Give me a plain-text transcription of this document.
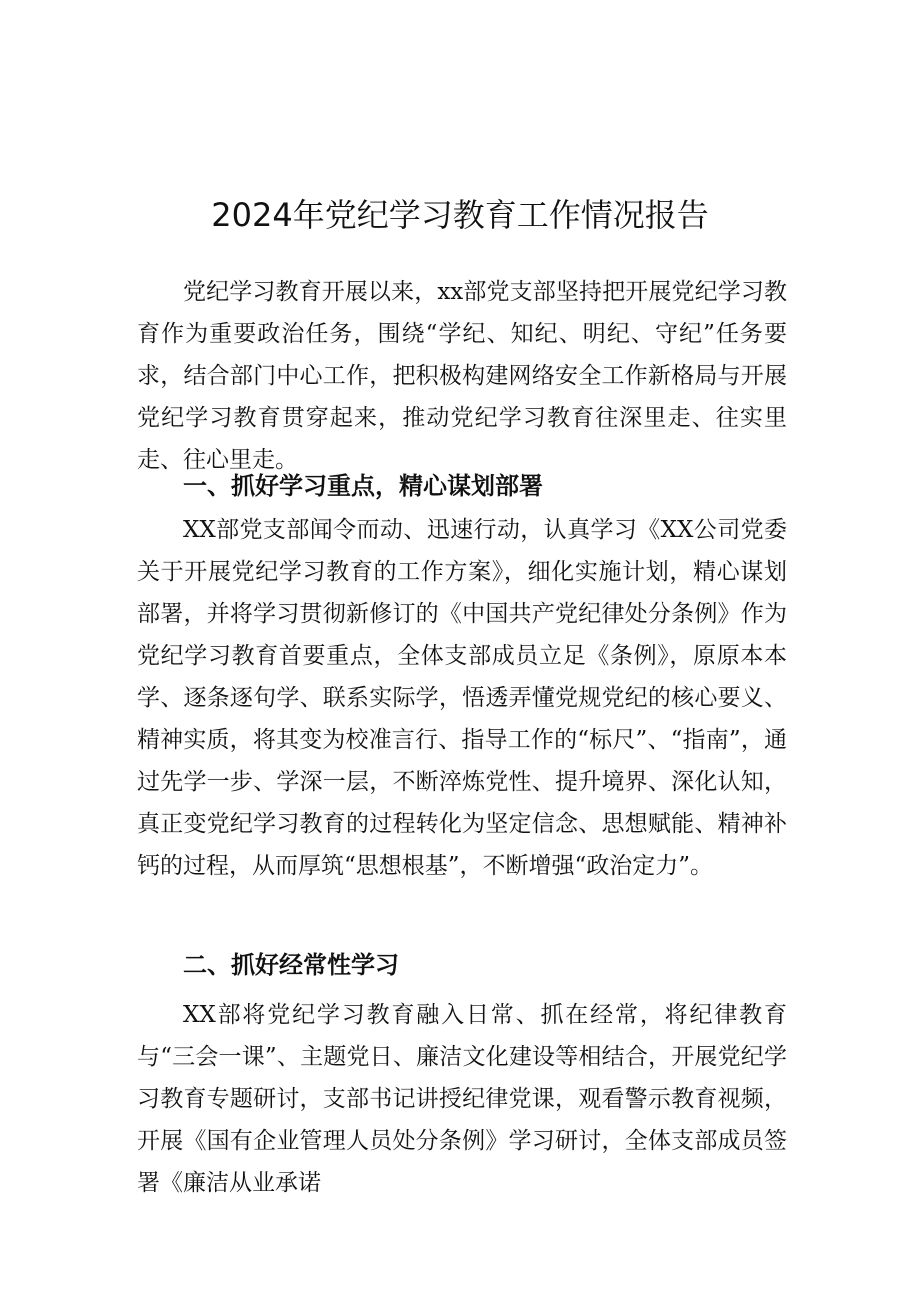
2024年党纪学习教育工作情况报告

党纪学习教育开展以来，xx部党支部坚持把开展党纪学习教育作为重要政治任务，围绕“学纪、知纪、明纪、守纪”任务要求，结合部门中心工作，把积极构建网络安全工作新格局与开展党纪学习教育贯穿起来，推动党纪学习教育往深里走、往实里走、往心里走。

一、抓好学习重点，精心谋划部署

XX部党支部闻令而动、迅速行动，认真学习《XX公司党委关于开展党纪学习教育的工作方案》，细化实施计划，精心谋划部署，并将学习贯彻新修订的《中国共产党纪律处分条例》作为党纪学习教育首要重点，全体支部成员立足《条例》，原原本本学、逐条逐句学、联系实际学，悟透弄懂党规党纪的核心要义、精神实质，将其变为校准言行、指导工作的“标尺”、“指南”，通过先学一步、学深一层，不断淬炼党性、提升境界、深化认知，真正变党纪学习教育的过程转化为坚定信念、思想赋能、精神补钙的过程，从而厚筑“思想根基”，不断增强“政治定力”。

二、抓好经常性学习

XX部将党纪学习教育融入日常、抓在经常，将纪律教育与“三会一课”、主题党日、廉洁文化建设等相结合，开展党纪学习教育专题研讨，支部书记讲授纪律党课，观看警示教育视频，开展《国有企业管理人员处分条例》学习研讨，全体支部成员签署《廉洁从业承诺
